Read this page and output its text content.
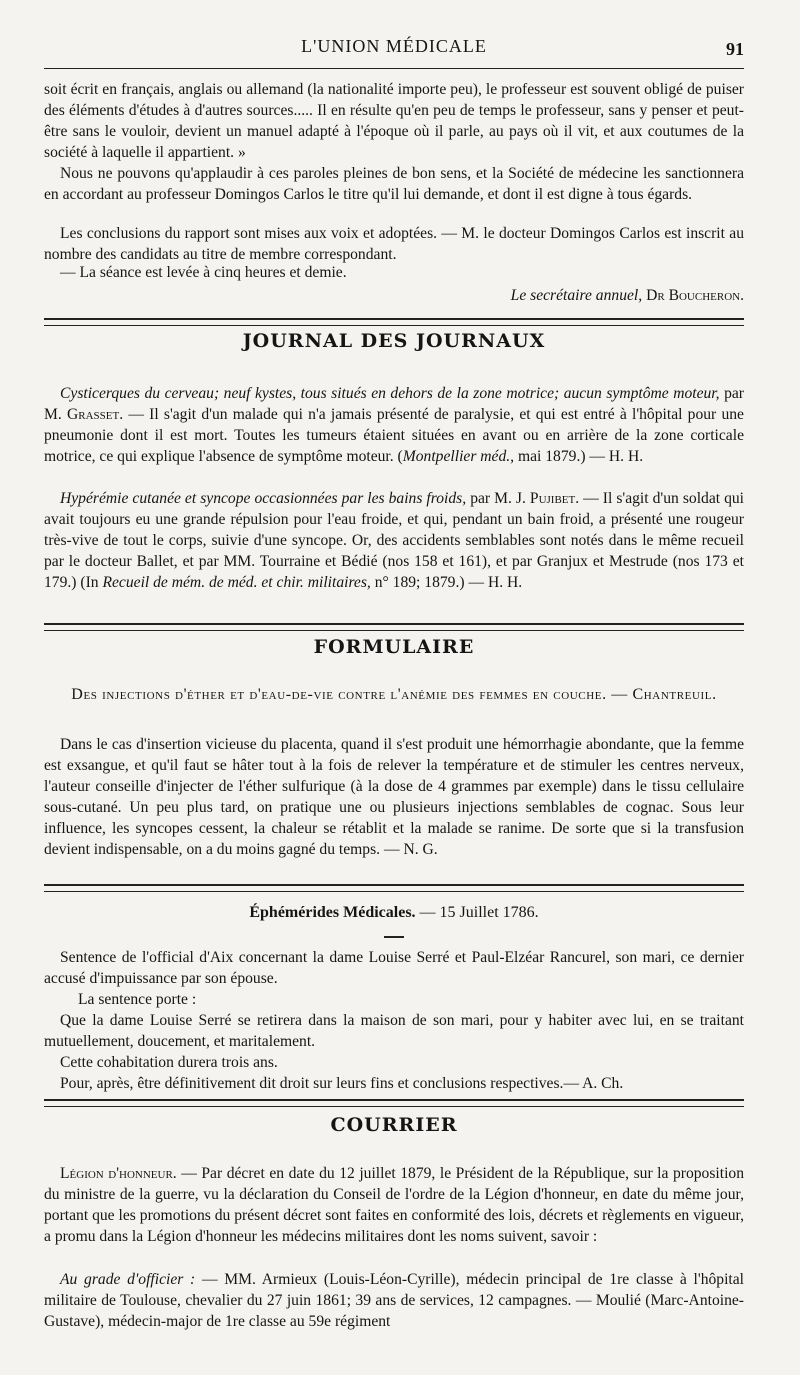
L'UNION MÉDICALE	91

soit écrit en français, anglais ou allemand (la nationalité importe peu), le professeur est souvent obligé de puiser des éléments d'études à d'autres sources..... Il en résulte qu'en peu de temps le professeur, sans y penser et peut-être sans le vouloir, devient un manuel adapté à l'époque où il parle, au pays où il vit, et aux coutumes de la société à laquelle il appartient. »

Nous ne pouvons qu'applaudir à ces paroles pleines de bon sens, et la Société de médecine les sanctionnera en accordant au professeur Domingos Carlos le titre qu'il lui demande, et dont il est digne à tous égards.

Les conclusions du rapport sont mises aux voix et adoptées. — M. le docteur Domingos Carlos est inscrit au nombre des candidats au titre de membre correspondant.

— La séance est levée à cinq heures et demie.

Le secrétaire annuel, Dr Boucheron.
JOURNAL DES JOURNAUX

Cysticerques du cerveau; neuf kystes, tous situés en dehors de la zone motrice; aucun symptôme moteur, par M. Grasset. — Il s'agit d'un malade qui n'a jamais présenté de paralysie, et qui est entré à l'hôpital pour une pneumonie dont il est mort. Toutes les tumeurs étaient situées en avant ou en arrière de la zone corticale motrice, ce qui explique l'absence de symptôme moteur. (Montpellier méd., mai 1879.) — H. H.

Hypérémie cutanée et syncope occasionnées par les bains froids, par M. J. Pujibet. — Il s'agit d'un soldat qui avait toujours eu une grande répulsion pour l'eau froide, et qui, pendant un bain froid, a présenté une rougeur très-vive de tout le corps, suivie d'une syncope. Or, des accidents semblables sont notés dans le même recueil par le docteur Ballet, et par MM. Tourraine et Bédié (nos 158 et 161), et par Granjux et Mestrude (nos 173 et 179.) (In Recueil de mém. de méd. et chir. militaires, n° 189; 1879.) — H. H.

FORMULAIRE
Des injections d'éther et d'eau-de-vie contre l'anémie des femmes en couche. — Chantreuil.

Dans le cas d'insertion vicieuse du placenta, quand il s'est produit une hémorrhagie abondante, que la femme est exsangue, et qu'il faut se hâter tout à la fois de relever la température et de stimuler les centres nerveux, l'auteur conseille d'injecter de l'éther sulfurique (à la dose de 4 grammes par exemple) dans le tissu cellulaire sous-cutané. Un peu plus tard, on pratique une ou plusieurs injections semblables de cognac. Sous leur influence, les syncopes cessent, la chaleur se rétablit et la malade se ranime. De sorte que si la transfusion devient indispensable, on a du moins gagné du temps. — N. G.

Éphémérides Médicales. — 15 Juillet 1786.

Sentence de l'official d'Aix concernant la dame Louise Serré et Paul-Elzéar Rancurel, son mari, ce dernier accusé d'impuissance par son épouse.

La sentence porte :

Que la dame Louise Serré se retirera dans la maison de son mari, pour y habiter avec lui, en se traitant mutuellement, doucement, et maritalement.

Cette cohabitation durera trois ans.

Pour, après, être définitivement dit droit sur leurs fins et conclusions respectives.— A. Ch.

COURRIER

Légion d'honneur. — Par décret en date du 12 juillet 1879, le Président de la République, sur la proposition du ministre de la guerre, vu la déclaration du Conseil de l'ordre de la Légion d'honneur, en date du même jour, portant que les promotions du présent décret sont faites en conformité des lois, décrets et règlements en vigueur, a promu dans la Légion d'honneur les médecins militaires dont les noms suivent, savoir :

Au grade d'officier : — MM. Armieux (Louis-Léon-Cyrille), médecin principal de 1re classe à l'hôpital militaire de Toulouse, chevalier du 27 juin 1861; 39 ans de services, 12 campagnes. — Moulié (Marc-Antoine-Gustave), médecin-major de 1re classe au 59e régiment
